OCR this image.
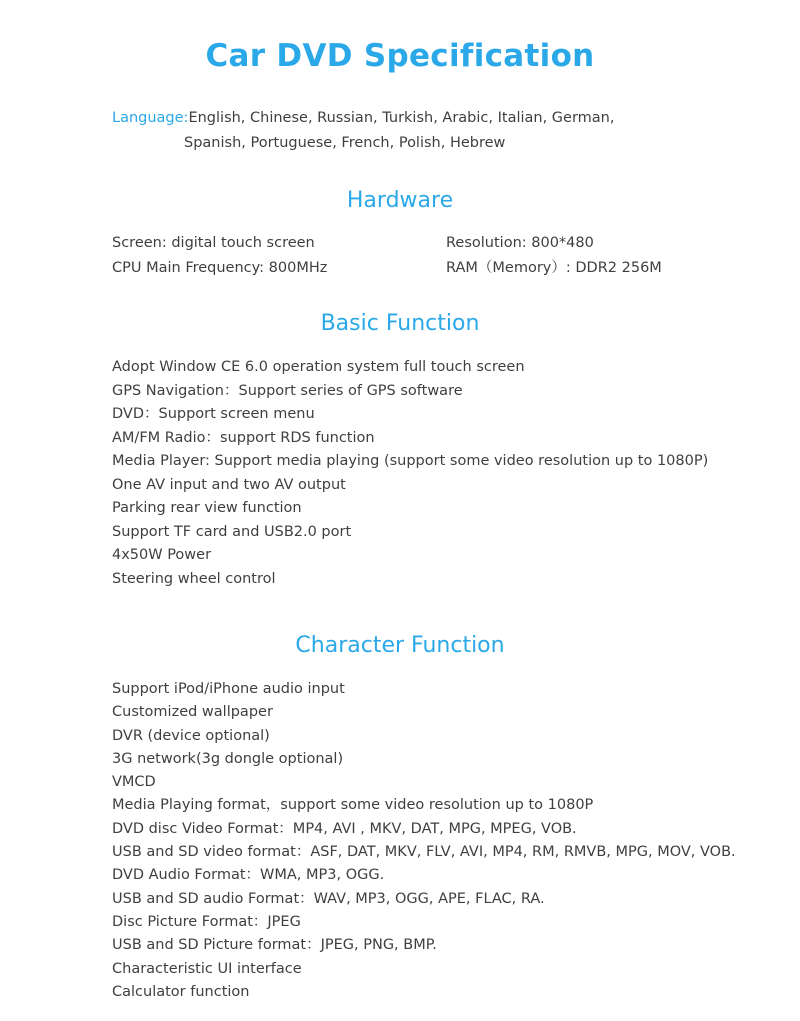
Car DVD Specification
Language:English, Chinese, Russian, Turkish, Arabic, Italian, German,
Spanish, Portuguese, French, Polish, Hebrew
Hardware
Screen: digital touch screen
CPU Main Frequency: 800MHz
Resolution: 800*480
RAM（Memory）: DDR2 256M
Basic Function
Adopt Window CE 6.0 operation system full touch screen
GPS Navigation：Support series of GPS software
DVD：Support screen menu
AM/FM Radio：support RDS function
Media Player: Support media playing (support some video resolution up to 1080P)
One AV input and two AV output
Parking rear view function
Support TF card and USB2.0 port
4x50W Power
Steering wheel control
Character Function
Support iPod/iPhone audio input
Customized wallpaper
DVR (device optional)
3G network(3g dongle optional)
VMCD
Media Playing format，support some video resolution up to 1080P
DVD disc Video Format：MP4, AVI , MKV, DAT, MPG, MPEG, VOB.
USB and SD video format：ASF, DAT, MKV, FLV, AVI, MP4, RM, RMVB, MPG, MOV, VOB.
DVD Audio Format：WMA, MP3, OGG.
USB and SD audio Format：WAV, MP3, OGG, APE, FLAC, RA.
Disc Picture Format：JPEG
USB and SD Picture format：JPEG, PNG, BMP.
Characteristic UI interface
Calculator function
